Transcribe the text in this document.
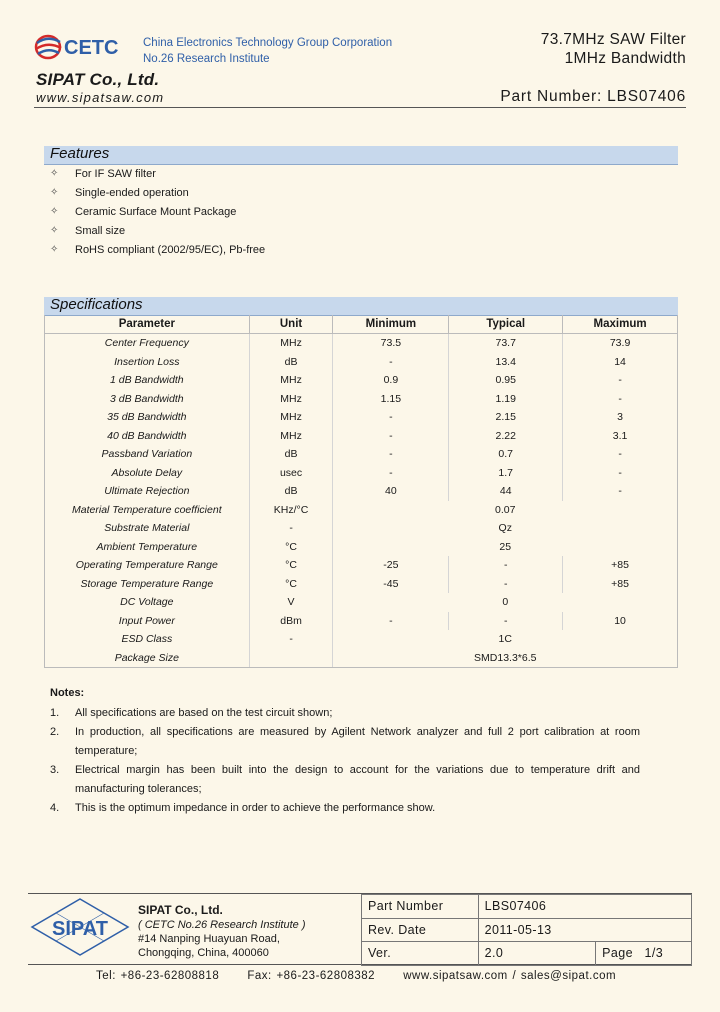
CETC China Electronics Technology Group Corporation
No.26 Research Institute
73.7MHz SAW Filter
1MHz Bandwidth
SIPAT Co., Ltd.
www.sipatsaw.com	Part Number: LBS07406
Features
✧	For IF SAW filter
✧	Single-ended operation
✧	Ceramic Surface Mount Package
✧	Small size
✧	RoHS compliant (2002/95/EC), Pb-free
Specifications
Parameter	Unit	Minimum	Typical	Maximum
Center Frequency	MHz	73.5	73.7	73.9
Insertion Loss	dB	-	13.4	14
1 dB Bandwidth	MHz	0.9	0.95	-
3 dB Bandwidth	MHz	1.15	1.19	-
35 dB Bandwidth	MHz	-	2.15	3
40 dB Bandwidth	MHz	-	2.22	3.1
Passband Variation	dB	-	0.7	-
Absolute Delay	usec	-	1.7	-
Ultimate Rejection	dB	40	44	-
Material Temperature coefficient	KHz/°C	0.07		
Substrate Material	-	Qz		
Ambient Temperature	°C	25		
Operating Temperature Range	°C	-25	-	+85
Storage Temperature Range	°C	-45	-	+85
DC Voltage	V	0		
Input Power	dBm	-	-	10
ESD Class	-	1C		
Package Size		SMD13.3*6.5		
Notes:
1.	All specifications are based on the test circuit shown;
2.	In production, all specifications are measured by Agilent Network analyzer and full 2 port calibration at room temperature;
3.	Electrical margin has been built into the design to account for the variations due to temperature drift and manufacturing tolerances;
4.	This is the optimum impedance in order to achieve the performance show.
SIPAT
SIPAT Co., Ltd.
( CETC No.26 Research Institute )
#14 Nanping Huayuan Road,
Chongqing, China, 400060
Part Number	LBS07406	
Rev. Date	2011-05-13	
Ver.	2.0	Page   1/3
Tel: +86-23-62808818      Fax: +86-23-62808382      www.sipatsaw.com / sales@sipat.com
